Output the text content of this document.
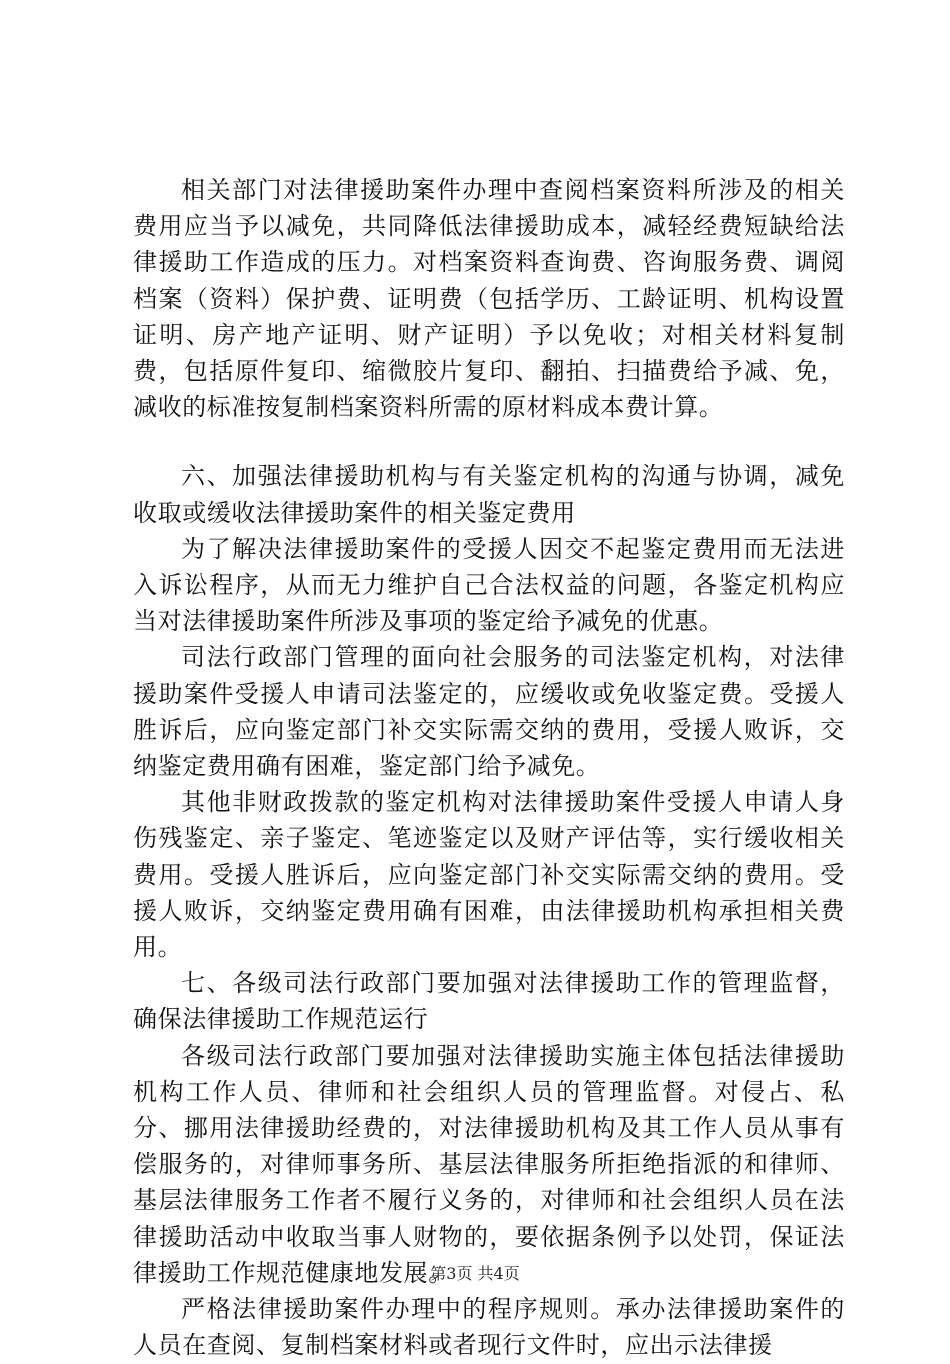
相关部门对法律援助案件办理中查阅档案资料所涉及的相关费用应当予以减免，共同降低法律援助成本，减轻经费短缺给法律援助工作造成的压力。对档案资料查询费、咨询服务费、调阅档案（资料）保护费、证明费（包括学历、工龄证明、机构设置证明、房产地产证明、财产证明）予以免收；对相关材料复制费，包括原件复印、缩微胶片复印、翻拍、扫描费给予减、免，减收的标准按复制档案资料所需的原材料成本费计算。

六、加强法律援助机构与有关鉴定机构的沟通与协调，减免收取或缓收法律援助案件的相关鉴定费用

为了解决法律援助案件的受援人因交不起鉴定费用而无法进入诉讼程序，从而无力维护自己合法权益的问题，各鉴定机构应当对法律援助案件所涉及事项的鉴定给予减免的优惠。

司法行政部门管理的面向社会服务的司法鉴定机构，对法律援助案件受援人申请司法鉴定的，应缓收或免收鉴定费。受援人胜诉后，应向鉴定部门补交实际需交纳的费用，受援人败诉，交纳鉴定费用确有困难，鉴定部门给予减免。

其他非财政拨款的鉴定机构对法律援助案件受援人申请人身伤残鉴定、亲子鉴定、笔迹鉴定以及财产评估等，实行缓收相关费用。受援人胜诉后，应向鉴定部门补交实际需交纳的费用。受援人败诉，交纳鉴定费用确有困难，由法律援助机构承担相关费用。

七、各级司法行政部门要加强对法律援助工作的管理监督，确保法律援助工作规范运行

各级司法行政部门要加强对法律援助实施主体包括法律援助机构工作人员、律师和社会组织人员的管理监督。对侵占、私分、挪用法律援助经费的，对法律援助机构及其工作人员从事有偿服务的，对律师事务所、基层法律服务所拒绝指派的和律师、基层法律服务工作者不履行义务的，对律师和社会组织人员在法律援助活动中收取当事人财物的，要依据条例予以处罚，保证法律援助工作规范健康地发展。

严格法律援助案件办理中的程序规则。承办法律援助案件的人员在查阅、复制档案材料或者现行文件时，应出示法律援

第3页 共4页
